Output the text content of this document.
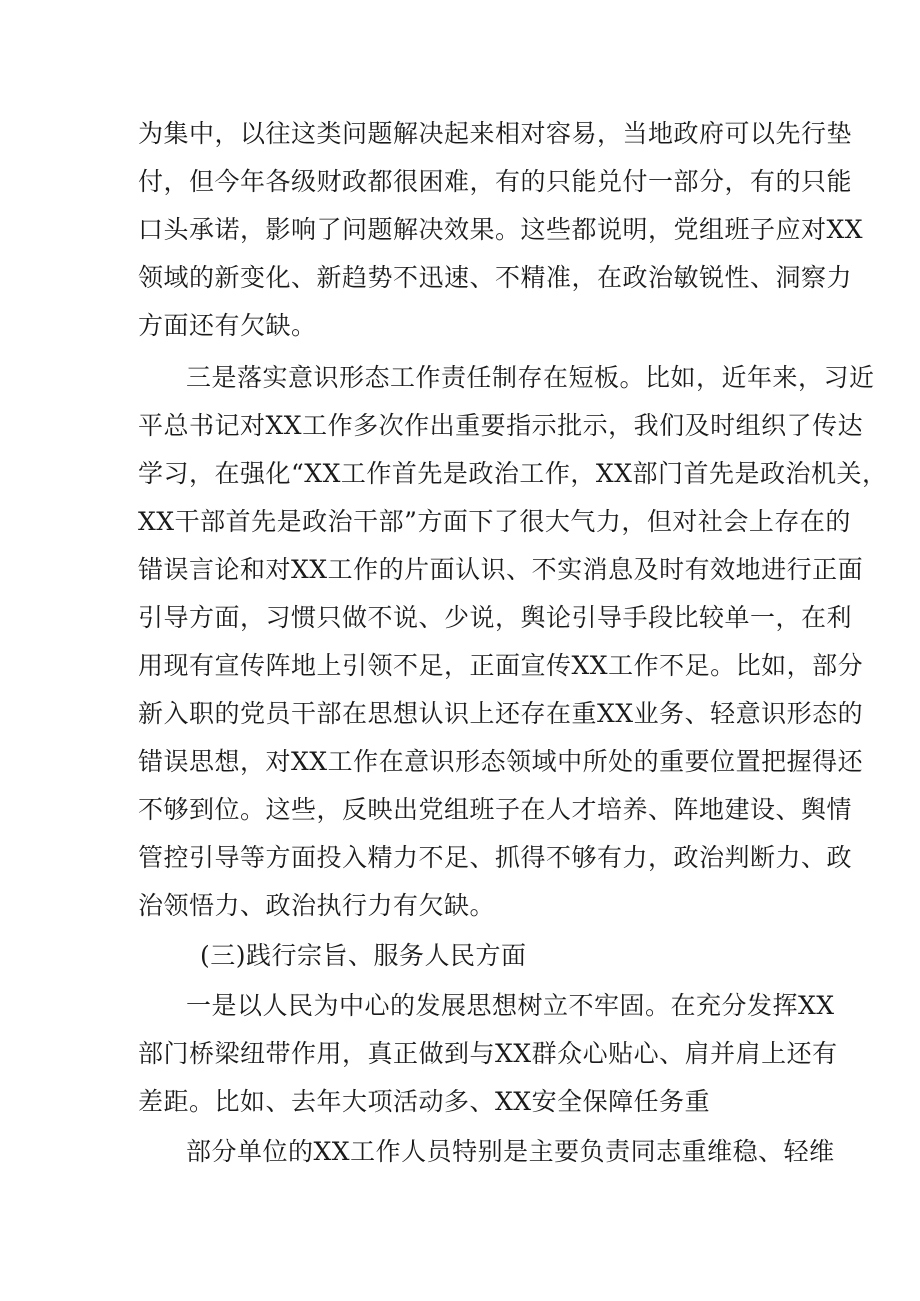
为集中，以往这类问题解决起来相对容易，当地政府可以先行垫
付，但今年各级财政都很困难，有的只能兑付一部分，有的只能
口头承诺，影响了问题解决效果。这些都说明，党组班子应对XX
领域的新变化、新趋势不迅速、不精准，在政治敏锐性、洞察力
方面还有欠缺。
三是落实意识形态工作责任制存在短板。比如，近年来，习近
平总书记对XX工作多次作出重要指示批示，我们及时组织了传达
学习，在强化“XX工作首先是政治工作，XX部门首先是政治机关，
XX干部首先是政治干部”方面下了很大气力，但对社会上存在的
错误言论和对XX工作的片面认识、不实消息及时有效地进行正面
引导方面，习惯只做不说、少说，舆论引导手段比较单一，在利
用现有宣传阵地上引领不足，正面宣传XX工作不足。比如，部分
新入职的党员干部在思想认识上还存在重XX业务、轻意识形态的
错误思想，对XX工作在意识形态领域中所处的重要位置把握得还
不够到位。这些，反映出党组班子在人才培养、阵地建设、舆情
管控引导等方面投入精力不足、抓得不够有力，政治判断力、政
治领悟力、政治执行力有欠缺。
(三)践行宗旨、服务人民方面
一是以人民为中心的发展思想树立不牢固。在充分发挥XX
部门桥梁纽带作用，真正做到与XX群众心贴心、肩并肩上还有
差距。比如、去年大项活动多、XX安全保障任务重
部分单位的XX工作人员特别是主要负责同志重维稳、轻维
